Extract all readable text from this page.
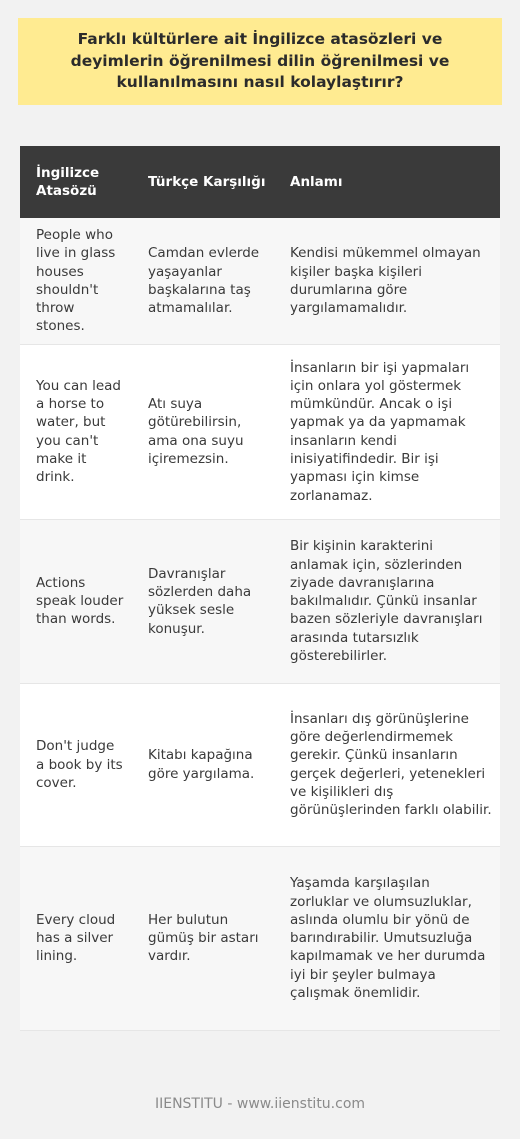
Farklı kültürlere ait İngilizce atasözleri ve deyimlerin öğrenilmesi dilin öğrenilmesi ve kullanılmasını nasıl kolaylaştırır?
İngilizce Atasözü	Türkçe Karşılığı	Anlamı
People who live in glass houses shouldn't throw stones.	Camdan evlerde yaşayanlar başkalarına taş atmamalılar.	Kendisi mükemmel olmayan kişiler başka kişileri durumlarına göre yargılamamalıdır.
You can lead a horse to water, but you can't make it drink.	Atı suya götürebilirsin, ama ona suyu içiremezsin.	İnsanların bir işi yapmaları için onlara yol göstermek mümkündür. Ancak o işi yapmak ya da yapmamak insanların kendi inisiyatifindedir. Bir işi yapması için kimse zorlanamaz.
Actions speak louder than words.	Davranışlar sözlerden daha yüksek sesle konuşur.	Bir kişinin karakterini anlamak için, sözlerinden ziyade davranışlarına bakılmalıdır. Çünkü insanlar bazen sözleriyle davranışları arasında tutarsızlık gösterebilirler.
Don't judge a book by its cover.	Kitabı kapağına göre yargılama.	İnsanları dış görünüşlerine göre değerlendirmemek gerekir. Çünkü insanların gerçek değerleri, yetenekleri ve kişilikleri dış görünüşlerinden farklı olabilir.
Every cloud has a silver lining.	Her bulutun gümüş bir astarı vardır.	Yaşamda karşılaşılan zorluklar ve olumsuzluklar, aslında olumlu bir yönü de barındırabilir. Umutsuzluğa kapılmamak ve her durumda iyi bir şeyler bulmaya çalışmak önemlidir.
IIENSTITU - www.iienstitu.com
